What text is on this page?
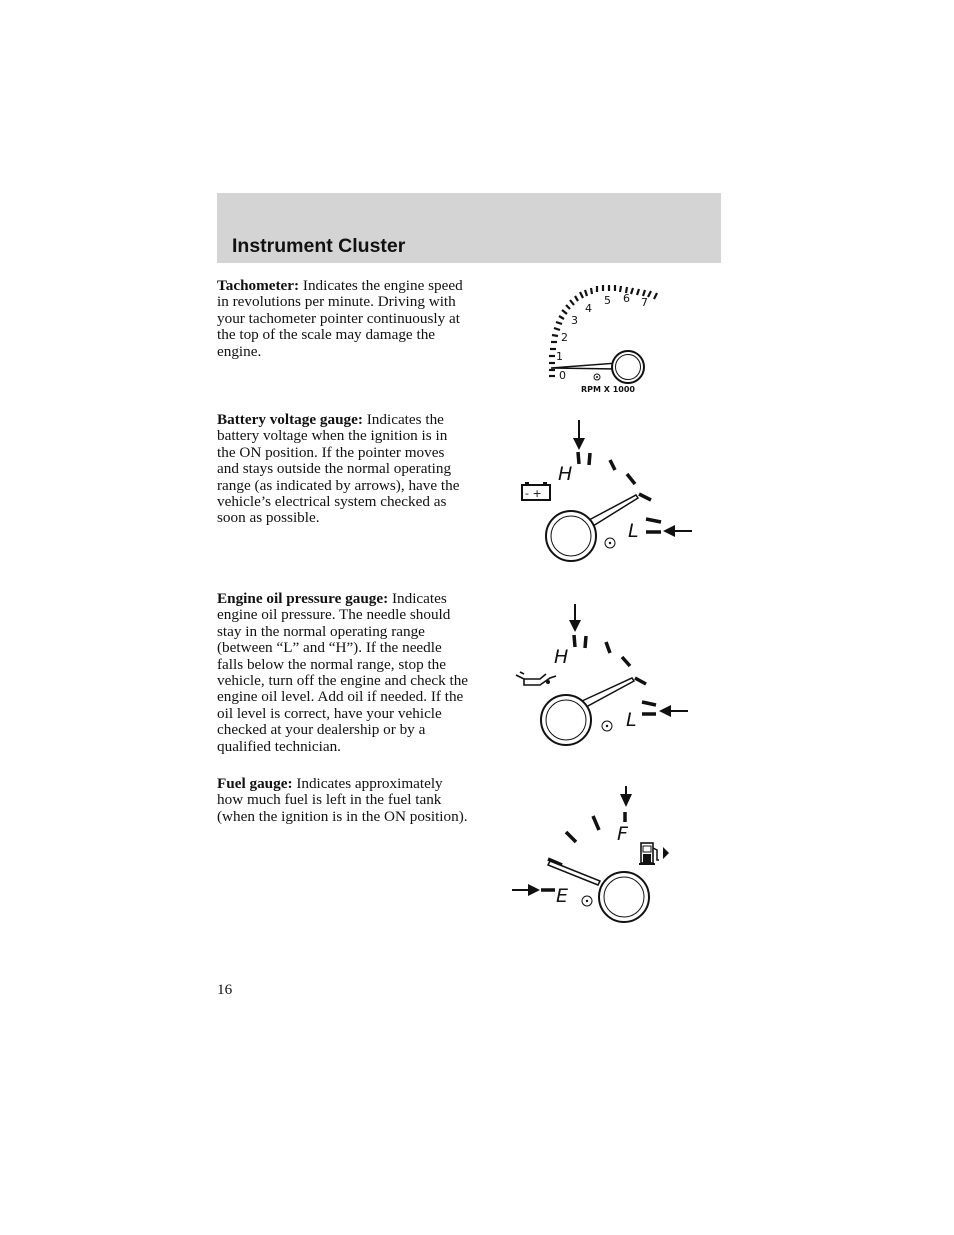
Instrument Cluster
Tachometer: Indicates the engine speed in revolutions per minute. Driving with your tachometer pointer continuously at the top of the scale may damage the engine.
0
1
2
3
4
5 6 7
RPM X 1000
Battery voltage gauge: Indicates the battery voltage when the ignition is in the ON position. If the pointer moves and stays outside the normal operating range (as indicated by arrows), have the vehicle’s electrical system checked as soon as possible.
H
L
- +
Engine oil pressure gauge: Indicates engine oil pressure. The needle should stay in the normal operating range (between “L” and “H”). If the needle falls below the normal range, stop the vehicle, turn off the engine and check the engine oil level. Add oil if needed. If the oil level is correct, have your vehicle checked at your dealership or by a qualified technician.
H
L
Fuel gauge: Indicates approximately how much fuel is left in the fuel tank (when the ignition is in the ON position).
F
E
16
